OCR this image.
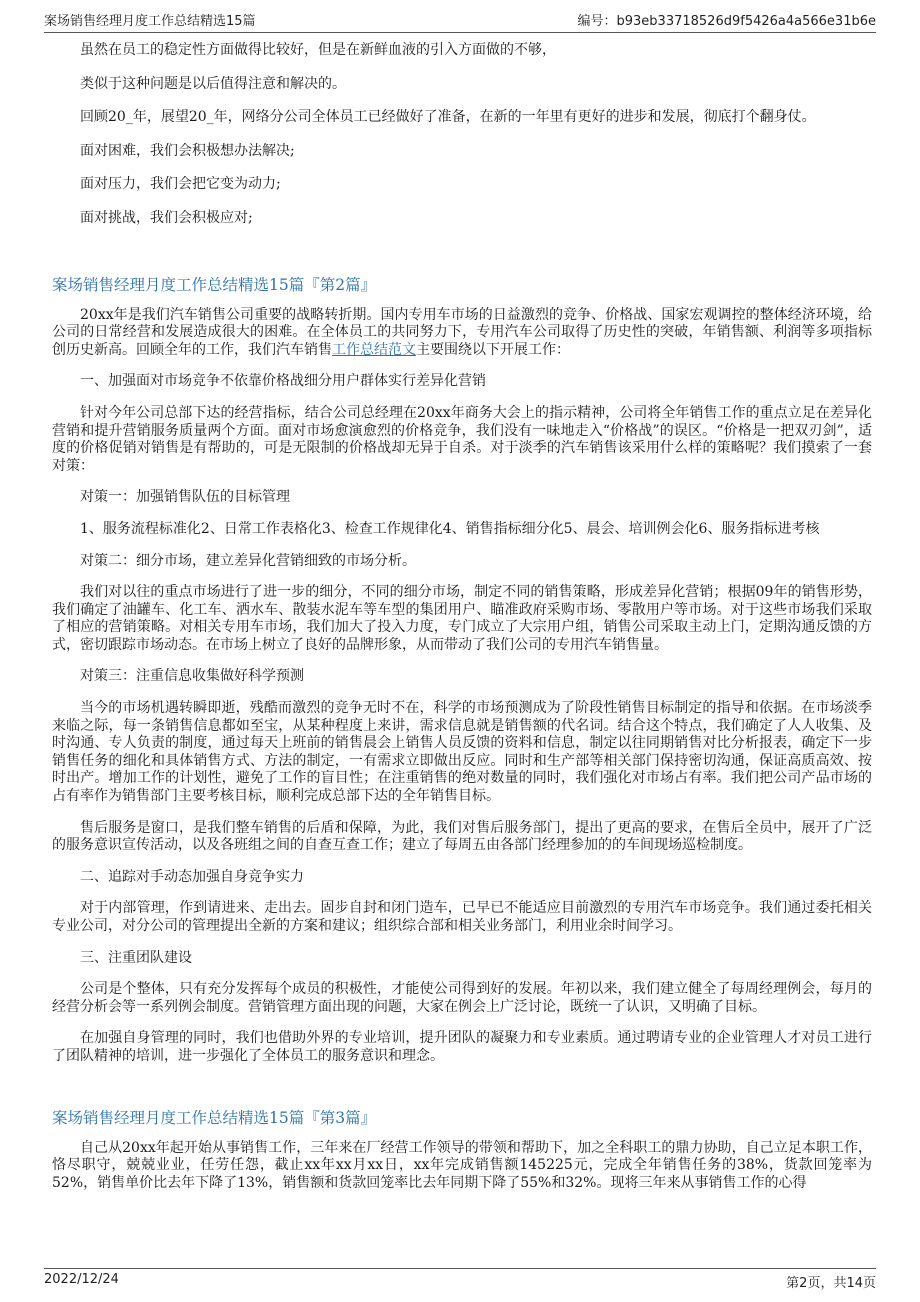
案场销售经理月度工作总结精选15篇	编号：b93eb33718526d9f5426a4a566e31b6e

虽然在员工的稳定性方面做得比较好，但是在新鲜血液的引入方面做的不够，

类似于这种问题是以后值得注意和解决的。

回顾20_年，展望20_年，网络分公司全体员工已经做好了准备，在新的一年里有更好的进步和发展，彻底打个翻身仗。

面对困难，我们会积极想办法解决;

面对压力，我们会把它变为动力;

面对挑战，我们会积极应对;

案场销售经理月度工作总结精选15篇『第2篇』

20xx年是我们汽车销售公司重要的战略转折期。国内专用车市场的日益激烈的竞争、价格战、国家宏观调控的整体经济环境，给公司的日常经营和发展造成很大的困难。在全体员工的共同努力下，专用汽车公司取得了历史性的突破，年销售额、利润等多项指标创历史新高。回顾全年的工作，我们汽车销售工作总结范文主要围绕以下开展工作：

一、加强面对市场竞争不依靠价格战细分用户群体实行差异化营销

针对今年公司总部下达的经营指标，结合公司总经理在20xx年商务大会上的指示精神，公司将全年销售工作的重点立足在差异化营销和提升营销服务质量两个方面。面对市场愈演愈烈的价格竞争，我们没有一味地走入“价格战”的误区。“价格是一把双刃剑”，适度的价格促销对销售是有帮助的，可是无限制的价格战却无异于自杀。对于淡季的汽车销售该采用什么样的策略呢？我们摸索了一套对策：

对策一：加强销售队伍的目标管理

1、服务流程标准化2、日常工作表格化3、检查工作规律化4、销售指标细分化5、晨会、培训例会化6、服务指标进考核

对策二：细分市场，建立差异化营销细致的市场分析。

我们对以往的重点市场进行了进一步的细分，不同的细分市场，制定不同的销售策略，形成差异化营销；根据09年的销售形势，我们确定了油罐车、化工车、洒水车、散装水泥车等车型的集团用户、瞄准政府采购市场、零散用户等市场。对于这些市场我们采取了相应的营销策略。对相关专用车市场，我们加大了投入力度，专门成立了大宗用户组，销售公司采取主动上门，定期沟通反馈的方式，密切跟踪市场动态。在市场上树立了良好的品牌形象，从而带动了我们公司的专用汽车销售量。

对策三：注重信息收集做好科学预测

当今的市场机遇转瞬即逝，残酷而激烈的竞争无时不在，科学的市场预测成为了阶段性销售目标制定的指导和依据。在市场淡季来临之际，每一条销售信息都如至宝，从某种程度上来讲，需求信息就是销售额的代名词。结合这个特点，我们确定了人人收集、及时沟通、专人负责的制度，通过每天上班前的销售晨会上销售人员反馈的资料和信息，制定以往同期销售对比分析报表，确定下一步销售任务的细化和具体销售方式、方法的制定，一有需求立即做出反应。同时和生产部等相关部门保持密切沟通，保证高质高效、按时出产。增加工作的计划性，避免了工作的盲目性；在注重销售的绝对数量的同时，我们强化对市场占有率。我们把公司产品市场的占有率作为销售部门主要考核目标，顺利完成总部下达的全年销售目标。

售后服务是窗口，是我们整车销售的后盾和保障，为此，我们对售后服务部门，提出了更高的要求，在售后全员中，展开了广泛的服务意识宣传活动，以及各班组之间的自查互查工作；建立了每周五由各部门经理参加的的车间现场巡检制度。

二、追踪对手动态加强自身竞争实力

对于内部管理，作到请进来、走出去。固步自封和闭门造车，已早已不能适应目前激烈的专用汽车市场竞争。我们通过委托相关专业公司，对分公司的管理提出全新的方案和建议；组织综合部和相关业务部门，利用业余时间学习。

三、注重团队建设

公司是个整体，只有充分发挥每个成员的积极性，才能使公司得到好的发展。年初以来，我们建立健全了每周经理例会，每月的经营分析会等一系列例会制度。营销管理方面出现的问题，大家在例会上广泛讨论，既统一了认识，又明确了目标。

在加强自身管理的同时，我们也借助外界的专业培训，提升团队的凝聚力和专业素质。通过聘请专业的企业管理人才对员工进行了团队精神的培训，进一步强化了全体员工的服务意识和理念。

案场销售经理月度工作总结精选15篇『第3篇』

自己从20xx年起开始从事销售工作，三年来在厂经营工作领导的带领和帮助下，加之全科职工的鼎力协助，自己立足本职工作，恪尽职守，兢兢业业，任劳任怨，截止xx年xx月xx日，xx年完成销售额145225元，完成全年销售任务的38%，货款回笼率为52%，销售单价比去年下降了13%，销售额和货款回笼率比去年同期下降了55%和32%。现将三年来从事销售工作的心得

2022/12/24	第2页，共14页
